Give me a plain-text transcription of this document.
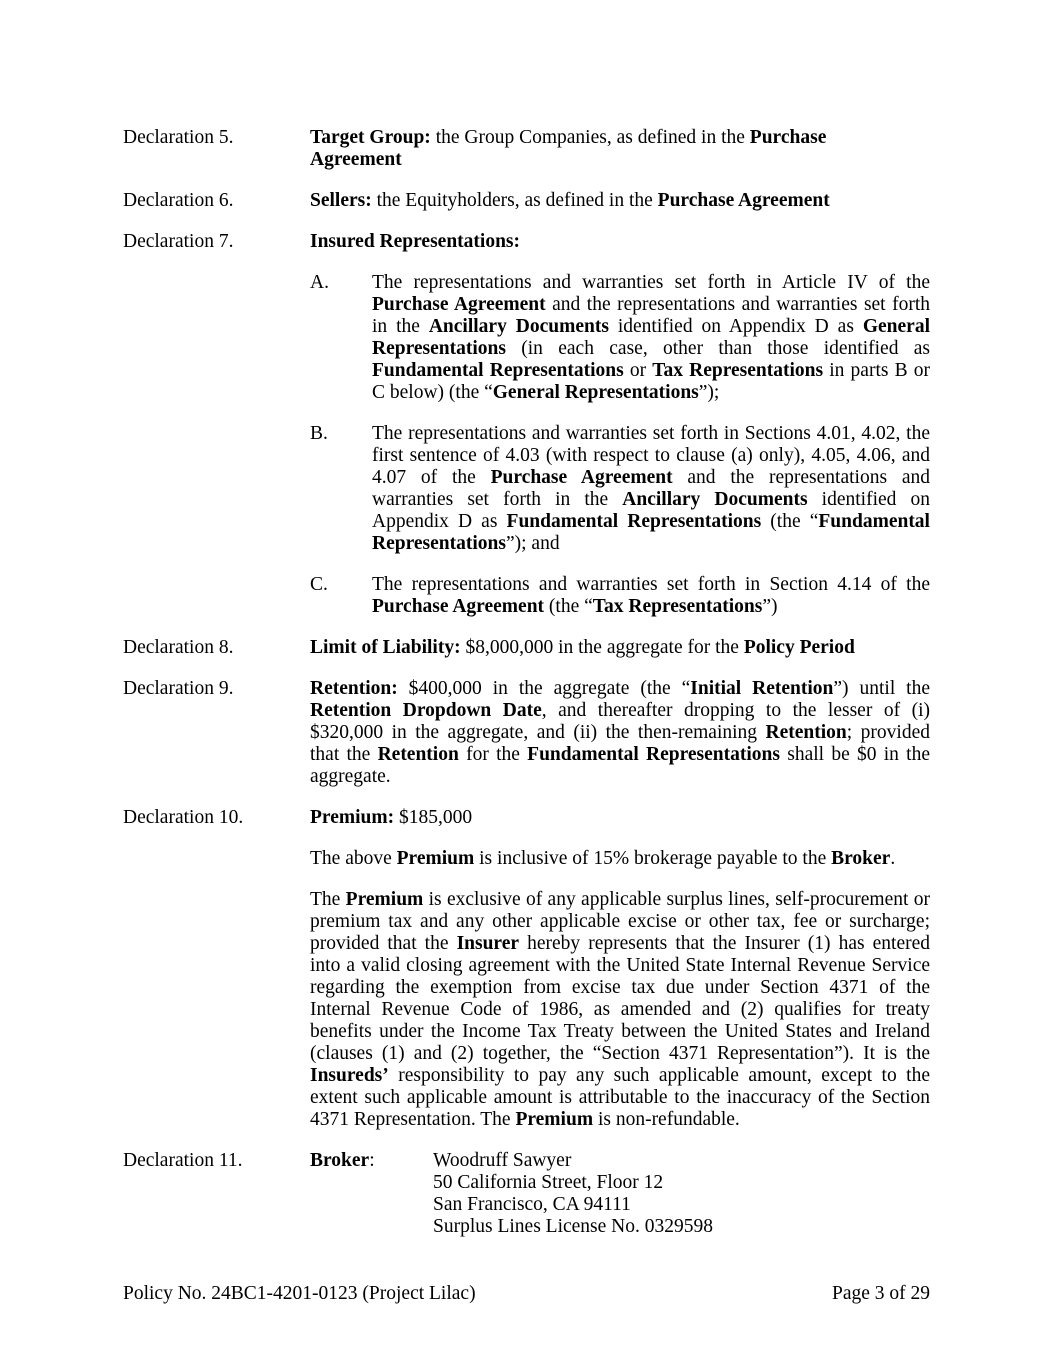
Declaration 5.	Target Group: the Group Companies, as defined in the Purchase
Agreement

Declaration 6.	Sellers: the Equityholders, as defined in the Purchase Agreement

Declaration 7.	Insured Representations:

A.	The representations and warranties set forth in Article IV of the Purchase Agreement and the representations and warranties set forth in the Ancillary Documents identified on Appendix D as General Representations (in each case, other than those identified as Fundamental Representations or Tax Representations in parts B or C below) (the “General Representations”);

B.	The representations and warranties set forth in Sections 4.01, 4.02, the first sentence of 4.03 (with respect to clause (a) only), 4.05, 4.06, and 4.07 of the Purchase Agreement and the representations and warranties set forth in the Ancillary Documents identified on Appendix D as Fundamental Representations (the “Fundamental Representations”); and

C.	The representations and warranties set forth in Section 4.14 of the Purchase Agreement (the “Tax Representations”)

Declaration 8.	Limit of Liability: $8,000,000 in the aggregate for the Policy Period

Declaration 9.	Retention: $400,000 in the aggregate (the “Initial Retention”) until the Retention Dropdown Date, and thereafter dropping to the lesser of (i) $320,000 in the aggregate, and (ii) the then-remaining Retention; provided that the Retention for the Fundamental Representations shall be $0 in the aggregate.

Declaration 10.	Premium: $185,000

The above Premium is inclusive of 15% brokerage payable to the Broker.

The Premium is exclusive of any applicable surplus lines, self-procurement or premium tax and any other applicable excise or other tax, fee or surcharge; provided that the Insurer hereby represents that the Insurer (1) has entered into a valid closing agreement with the United State Internal Revenue Service regarding the exemption from excise tax due under Section 4371 of the Internal Revenue Code of 1986, as amended and (2) qualifies for treaty benefits under the Income Tax Treaty between the United States and Ireland (clauses (1) and (2) together, the “Section 4371 Representation”). It is the Insureds’ responsibility to pay any such applicable amount, except to the extent such applicable amount is attributable to the inaccuracy of the Section 4371 Representation. The Premium is non-refundable.

Declaration 11.	Broker:	Woodruff Sawyer
50 California Street, Floor 12
San Francisco, CA 94111
Surplus Lines License No. 0329598
Policy No. 24BC1-4201-0123 (Project Lilac)	Page 3 of 29
